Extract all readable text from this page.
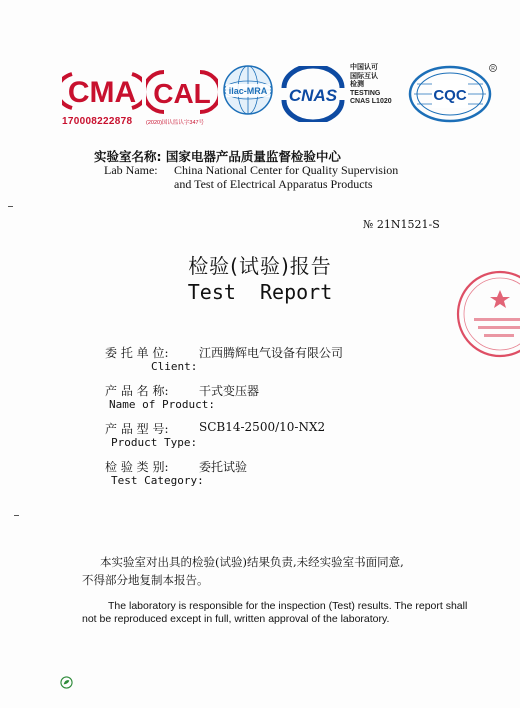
CMA
170008222878
CAL
(2020)国认监认字347号
ilac-MRA CNAS
中国认可
国际互认
检测
TESTING
CNAS L1020	CQC
R
实验室名称: 国家电器产品质量监督检验中心
Lab Name: China National Center for Quality Supervision
and Test of Electrical Apparatus Products
№ 21N1521-S
检验(试验)报告
Test  Report
委 托 单 位:	江西腾辉电气设备有限公司
Client:
产 品 名 称:	干式变压器
Name of Product:
产 品 型 号:	SCB14-2500/10-NX2
Product Type:
检 验 类 别:	委托试验
Test Category:
本实验室对出具的检验(试验)结果负责,未经实验室书面同意,
不得部分地复制本报告。
The laboratory is responsible for the inspection (Test) results. The report shall
not be reproduced except in full, written approval of the laboratory.
